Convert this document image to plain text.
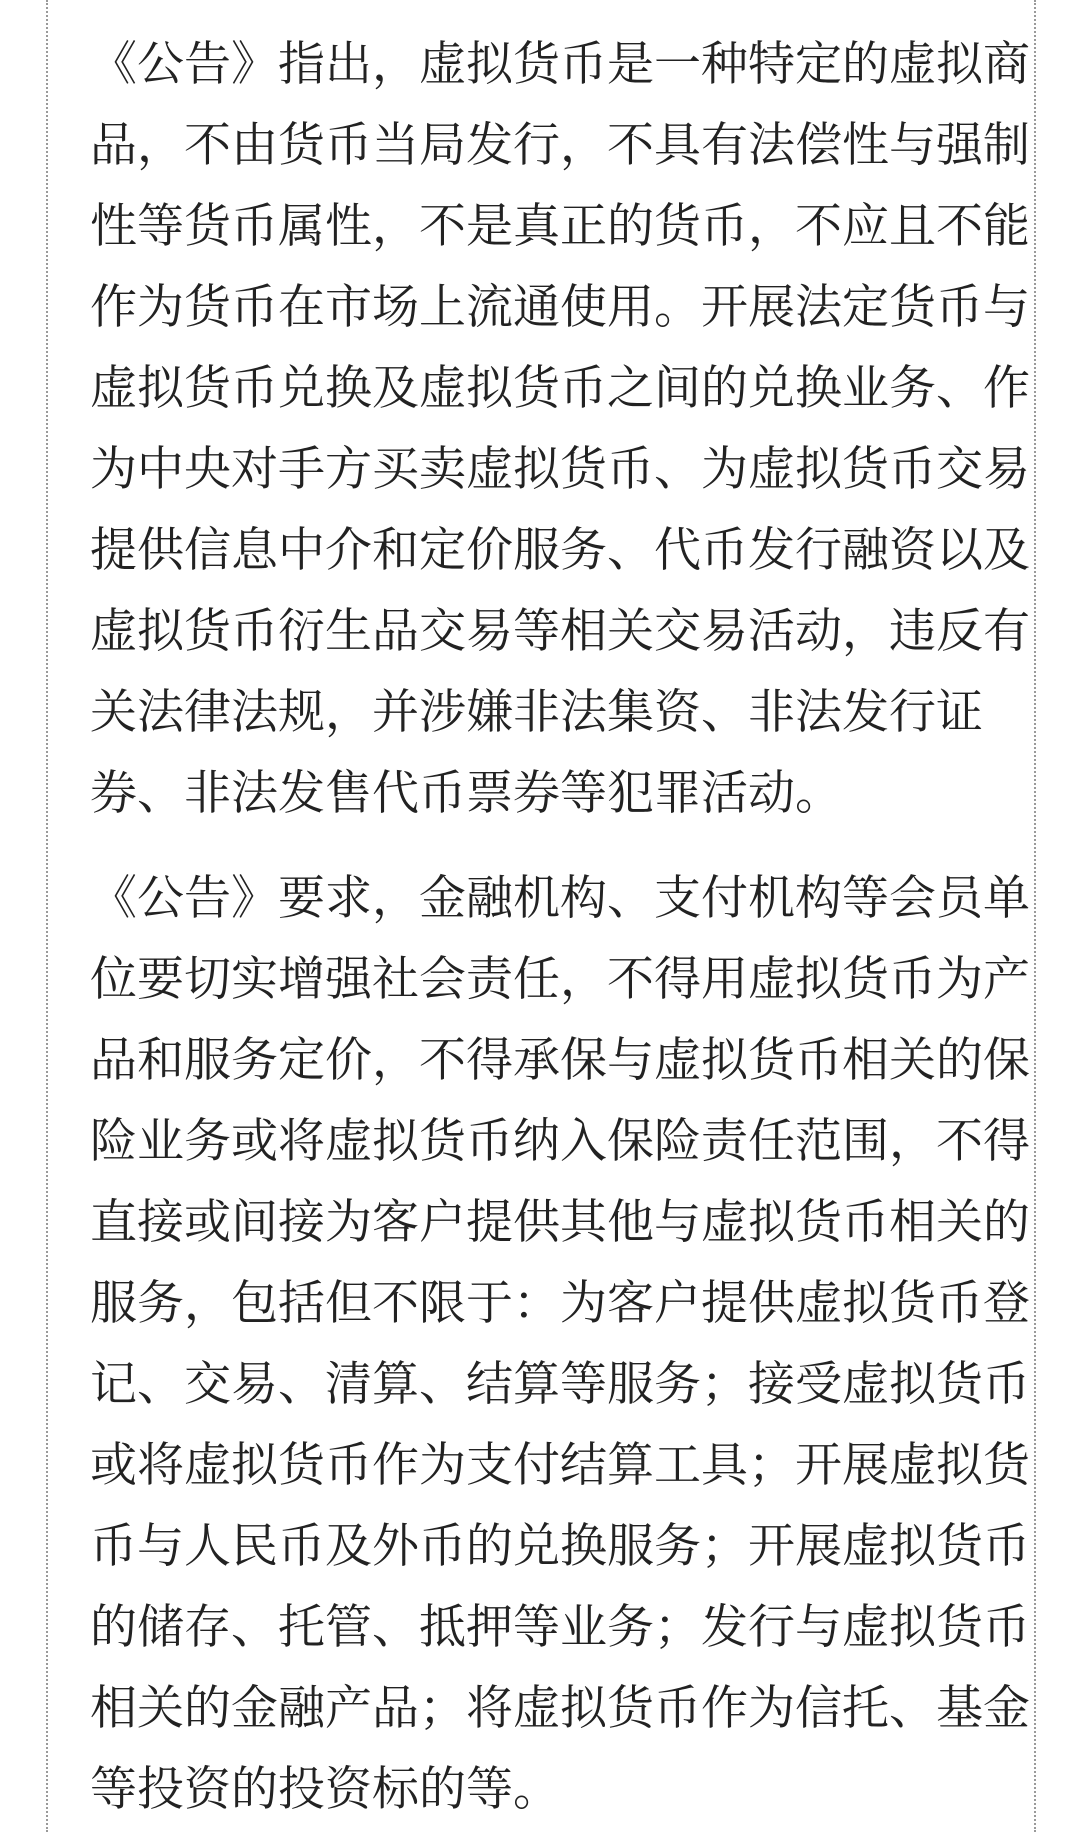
《公告》指出，虚拟货币是一种特定的虚拟商
品，不由货币当局发行，不具有法偿性与强制
性等货币属性，不是真正的货币，不应且不能
作为货币在市场上流通使用。开展法定货币与
虚拟货币兑换及虚拟货币之间的兑换业务、作
为中央对手方买卖虚拟货币、为虚拟货币交易
提供信息中介和定价服务、代币发行融资以及
虚拟货币衍生品交易等相关交易活动，违反有
关法律法规，并涉嫌非法集资、非法发行证
券、非法发售代币票券等犯罪活动。
《公告》要求，金融机构、支付机构等会员单
位要切实增强社会责任，不得用虚拟货币为产
品和服务定价，不得承保与虚拟货币相关的保
险业务或将虚拟货币纳入保险责任范围，不得
直接或间接为客户提供其他与虚拟货币相关的
服务，包括但不限于：为客户提供虚拟货币登
记、交易、清算、结算等服务；接受虚拟货币
或将虚拟货币作为支付结算工具；开展虚拟货
币与人民币及外币的兑换服务；开展虚拟货币
的储存、托管、抵押等业务；发行与虚拟货币
相关的金融产品；将虚拟货币作为信托、基金
等投资的投资标的等。
